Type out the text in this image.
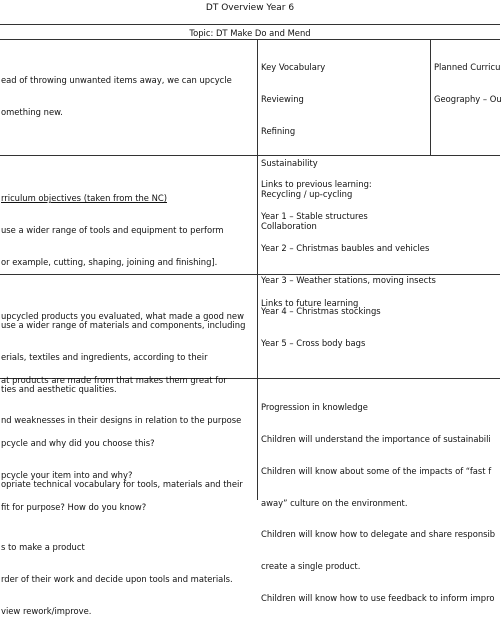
DT Overview Year 6
Topic: DT Make Do and Mend

ead of throwing unwanted items away, we can upcycle

omething new.

Key Vocabulary

Reviewing

Refining

Sustainability

Recycling / up-cycling

Collaboration

Planned Curricu

Geography – Ou

rriculum objectives (taken from the NC)

use a wider range of tools and equipment to perform

or example, cutting, shaping, joining and finishing].

use a wider range of materials and components, including

erials, textiles and ingredients, according to their

ties and aesthetic qualities.

Links to previous learning:

Year 1 – Stable structures

Year 2 – Christmas baubles and vehicles

Year 3 – Weather stations, moving insects

Year 4 – Christmas stockings

Year 5 – Cross body bags

upcycled products you evaluated, what made a good new

at products are made from that makes them great for

pcycle and why did you choose this?

pcycle your item into and why?

fit for purpose? How do you know?

Links to future learning

nd weaknesses in their designs in relation to the purpose

opriate technical vocabulary for tools, materials and their

s to make a product

rder of their work and decide upon tools and materials.

view rework/improve.

Progression in knowledge

Children will understand the importance of sustainabili

Children will know about some of the impacts of “fast f

away” culture on the environment.

Children will know how to delegate and share responsib

create a single product.

Children will know how to use feedback to inform impro
